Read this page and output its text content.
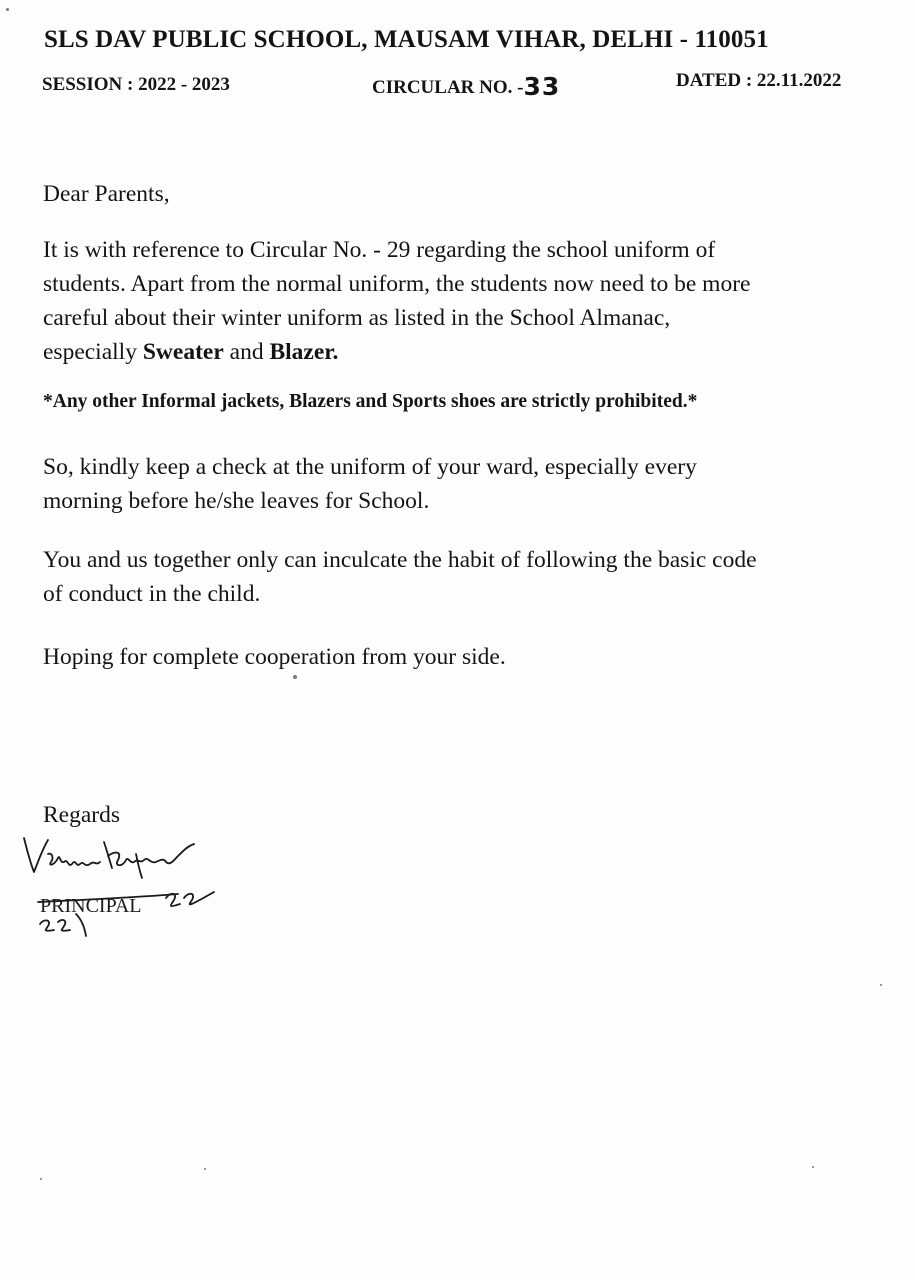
SLS DAV PUBLIC SCHOOL, MAUSAM VIHAR, DELHI - 110051
SESSION : 2022 - 2023	CIRCULAR NO. -33	DATED : 22.11.2022
Dear Parents,
It is with reference to Circular No. - 29 regarding the school uniform of
students. Apart from the normal uniform, the students now need to be more
careful about their winter uniform as listed in the School Almanac,
especially Sweater and Blazer.
*Any other Informal jackets, Blazers and Sports shoes are strictly prohibited.*
So, kindly keep a check at the uniform of your ward, especially every
morning before he/she leaves for School.
You and us together only can inculcate the habit of following the basic code
of conduct in the child.
Hoping for complete cooperation from your side.
Regards
PRINCIPAL
